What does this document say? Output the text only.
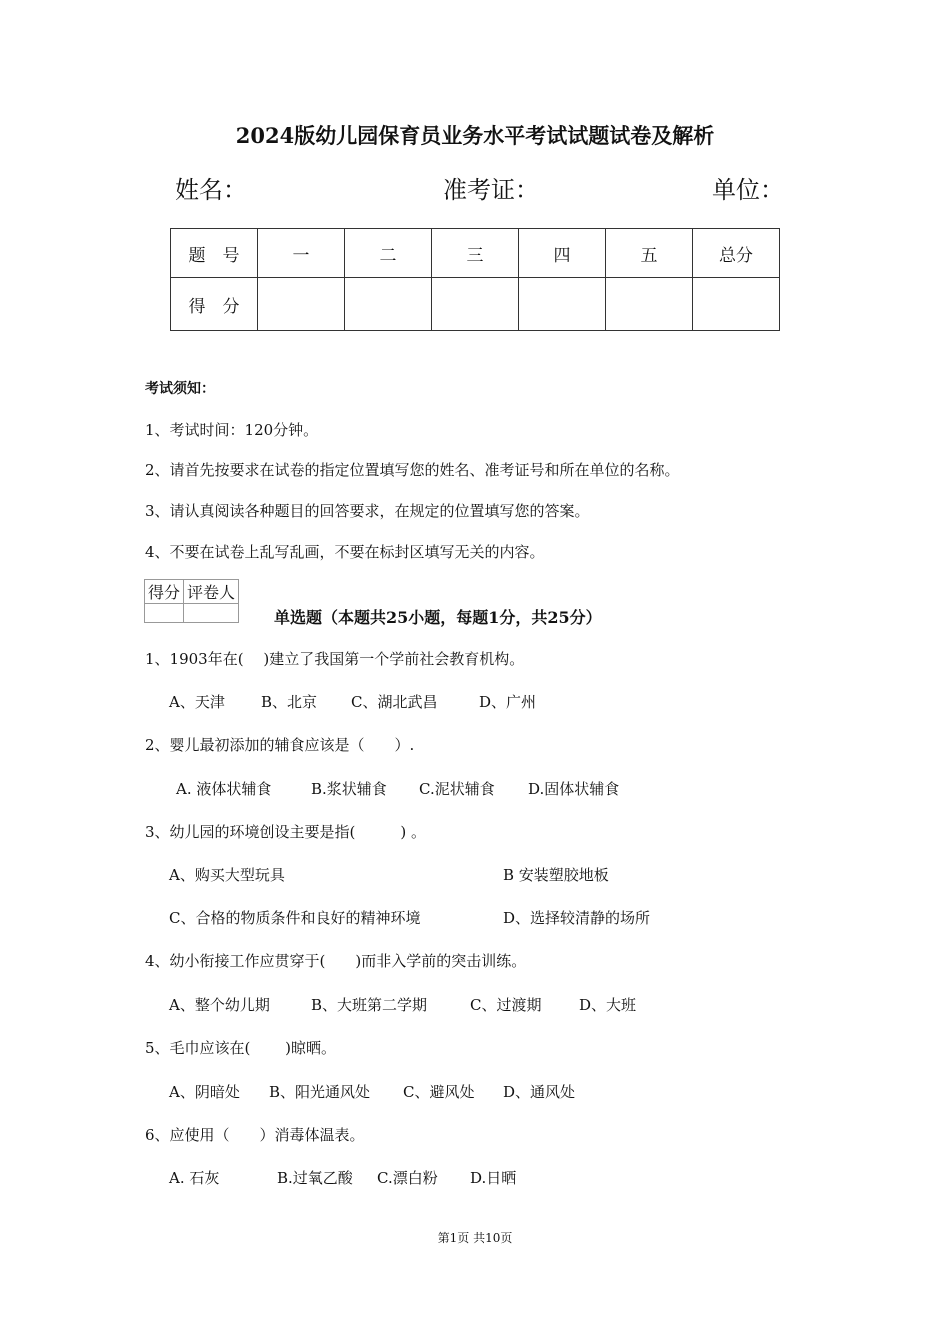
2024版幼儿园保育员业务水平考试试题试卷及解析
姓名：	准考证：	单位：
题　号	一	二	三	四	五	总分
得　分						
考试须知：
1、考试时间：120分钟。
2、请首先按要求在试卷的指定位置填写您的姓名、准考证号和所在单位的名称。
3、请认真阅读各种题目的回答要求，在规定的位置填写您的答案。
4、不要在试卷上乱写乱画，不要在标封区填写无关的内容。
得分	评卷人

单选题（本题共25小题，每题1分，共25分）
1、1903年在(　 )建立了我国第一个学前社会教育机构。
A、天津 B、北京 C、湖北武昌	D、广州
2、婴儿最初添加的辅食应该是（　　）.
A. 液体状辅食	B.浆状辅食 C.泥状辅食 D.固体状辅食
3、幼儿园的环境创设主要是指(　　　) 。
A、购买大型玩具	B 安装塑胶地板
C、合格的物质条件和良好的精神环境	D、选择较清静的场所
4、幼小衔接工作应贯穿于(　　)而非入学前的突击训练。
A、整个幼儿期	B、大班第二学期	C、过渡期	D、大班
5、毛巾应该在(　　 )晾晒。
A、阴暗处 B、阳光通风处 C、避风处 D、通风处
6、应使用（　　）消毒体温表。
A. 石灰	B.过氧乙酸 C.漂白粉 D.日晒
第1页 共10页
